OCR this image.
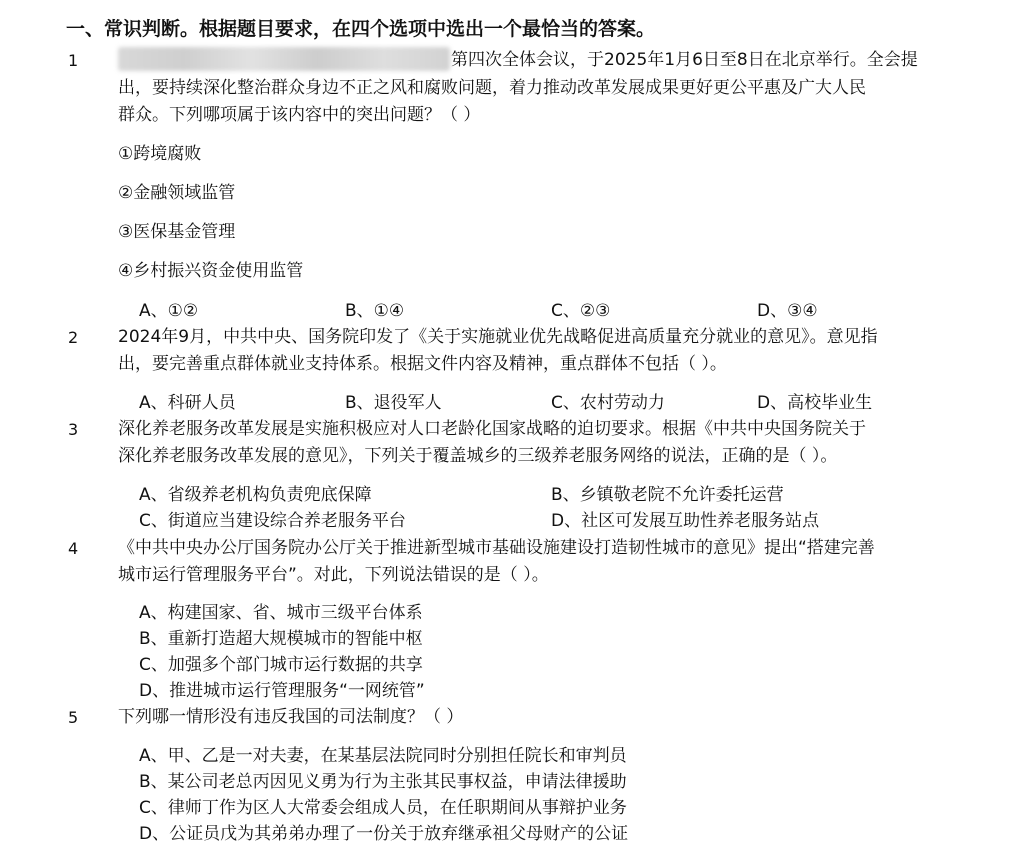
一、常识判断。根据题目要求，在四个选项中选出一个最恰当的答案。
1	第四次全体会议，于2025年1月6日至8日在北京举行。全会提
出，要持续深化整治群众身边不正之风和腐败问题，着力推动改革发展成果更好更公平惠及广大人民
群众。下列哪项属于该内容中的突出问题？（ ）
①跨境腐败
②金融领域监管
③医保基金管理
④乡村振兴资金使用监管
A、①②	B、①④	C、②③	D、③④
2 2024年9月，中共中央、国务院印发了《关于实施就业优先战略促进高质量充分就业的意见》。意见指
出，要完善重点群体就业支持体系。根据文件内容及精神，重点群体不包括（ ）。
A、科研人员	B、退役军人	C、农村劳动力	D、高校毕业生
3 深化养老服务改革发展是实施积极应对人口老龄化国家战略的迫切要求。根据《中共中央国务院关于
深化养老服务改革发展的意见》，下列关于覆盖城乡的三级养老服务网络的说法，正确的是（ ）。
A、省级养老机构负责兜底保障	B、乡镇敬老院不允许委托运营
C、街道应当建设综合养老服务平台	D、社区可发展互助性养老服务站点
4 《中共中央办公厅国务院办公厅关于推进新型城市基础设施建设打造韧性城市的意见》提出“搭建完善
城市运行管理服务平台”。对此，下列说法错误的是（ ）。
A、构建国家、省、城市三级平台体系
B、重新打造超大规模城市的智能中枢
C、加强多个部门城市运行数据的共享
D、推进城市运行管理服务“一网统管”
5 下列哪一情形没有违反我国的司法制度？（ ）
A、甲、乙是一对夫妻，在某基层法院同时分别担任院长和审判员
B、某公司老总丙因见义勇为行为主张其民事权益，申请法律援助
C、律师丁作为区人大常委会组成人员，在任职期间从事辩护业务
D、公证员戊为其弟弟办理了一份关于放弃继承祖父母财产的公证
